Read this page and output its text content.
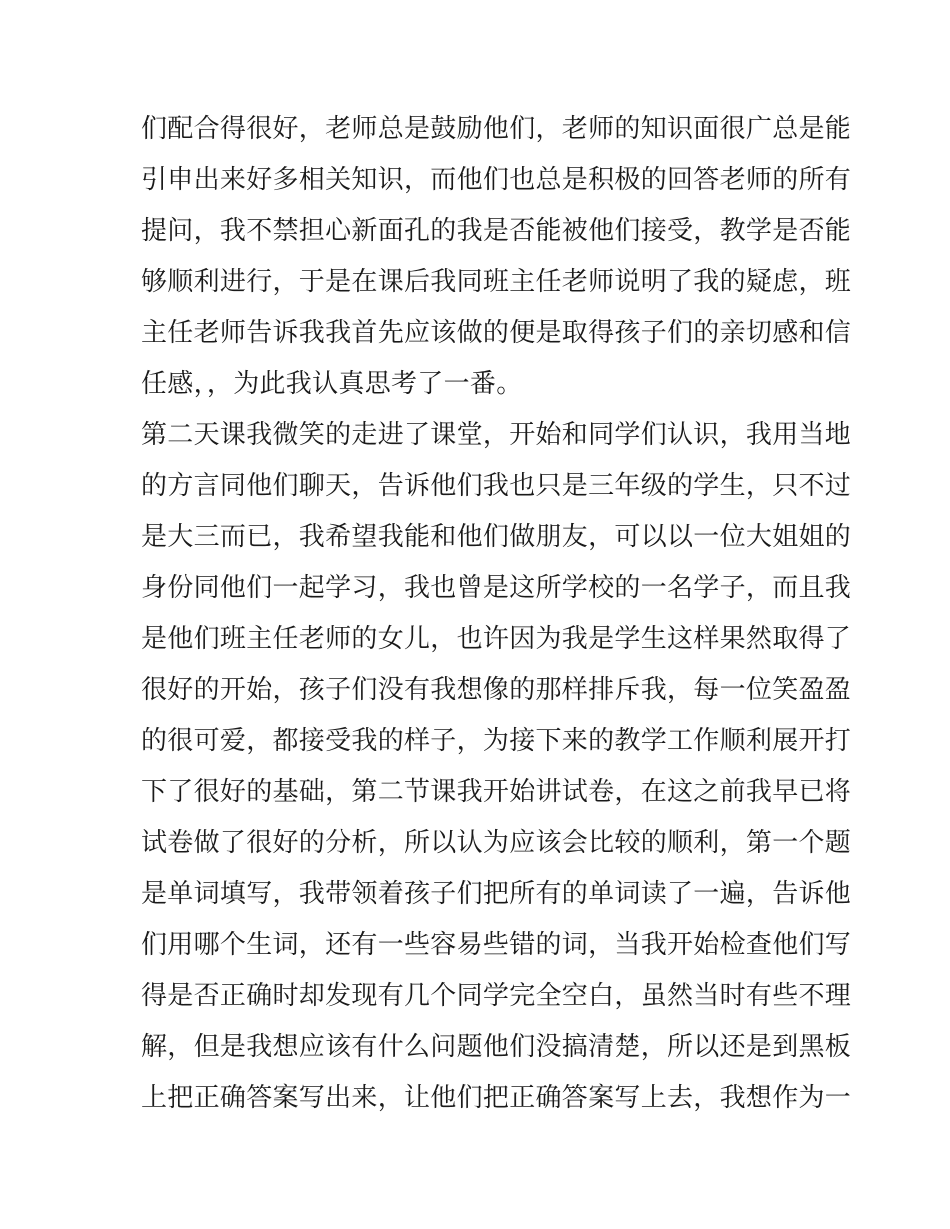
们配合得很好，老师总是鼓励他们，老师的知识面很广总是能
引申出来好多相关知识，而他们也总是积极的回答老师的所有
提问，我不禁担心新面孔的我是否能被他们接受，教学是否能
够顺利进行，于是在课后我同班主任老师说明了我的疑虑，班
主任老师告诉我我首先应该做的便是取得孩子们的亲切感和信
任感，，为此我认真思考了一番。
第二天课我微笑的走进了课堂，开始和同学们认识，我用当地
的方言同他们聊天，告诉他们我也只是三年级的学生，只不过
是大三而已，我希望我能和他们做朋友，可以以一位大姐姐的
身份同他们一起学习，我也曾是这所学校的一名学子，而且我
是他们班主任老师的女儿，也许因为我是学生这样果然取得了
很好的开始，孩子们没有我想像的那样排斥我，每一位笑盈盈
的很可爱，都接受我的样子，为接下来的教学工作顺利展开打
下了很好的基础，第二节课我开始讲试卷，在这之前我早已将
试卷做了很好的分析，所以认为应该会比较的顺利，第一个题
是单词填写，我带领着孩子们把所有的单词读了一遍，告诉他
们用哪个生词，还有一些容易些错的词，当我开始检查他们写
得是否正确时却发现有几个同学完全空白，虽然当时有些不理
解，但是我想应该有什么问题他们没搞清楚，所以还是到黑板
上把正确答案写出来，让他们把正确答案写上去，我想作为一
